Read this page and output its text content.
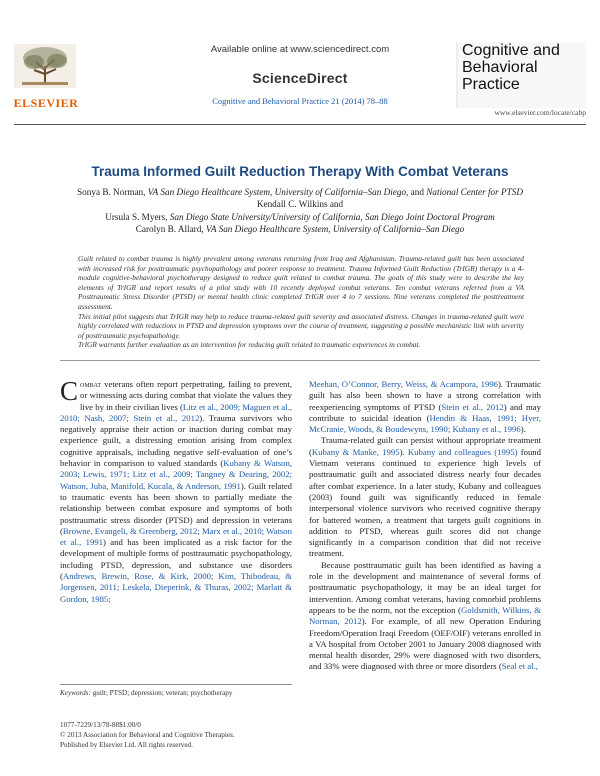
ELSEVIER
Available online at www.sciencedirect.com
ScienceDirect
Cognitive and Behavioral Practice 21 (2014) 78–88
Cognitive and
Behavioral
Practice
www.elsevier.com/locate/cabp
Trauma Informed Guilt Reduction Therapy With Combat Veterans
Sonya B. Norman, VA San Diego Healthcare System, University of California–San Diego, and National Center for PTSD
Kendall C. Wilkins and
Ursula S. Myers, San Diego State University/University of California, San Diego Joint Doctoral Program
Carolyn B. Allard, VA San Diego Healthcare System, University of California–San Diego

Guilt related to combat trauma is highly prevalent among veterans returning from Iraq and Afghanistan. Trauma-related guilt has been associated with increased risk for posttraumatic psychopathology and poorer response to treatment. Trauma Informed Guilt Reduction (TrIGR) therapy is a 4-module cognitive-behavioral psychotherapy designed to reduce guilt related to combat trauma. The goals of this study were to describe the key elements of TrIGR and report results of a pilot study with 10 recently deployed combat veterans. Ten combat veterans referred from a VA Posttraumatic Stress Disorder (PTSD) or mental health clinic completed TrIGR over 4 to 7 sessions. Nine veterans completed the posttreatment assessment.

This initial pilot suggests that TrIGR may help to reduce trauma-related guilt severity and associated distress. Changes in trauma-related guilt were highly correlated with reductions in PTSD and depression symptoms over the course of treatment, suggesting a possible mechanistic link with severity of posttraumatic psychopathology.

TrIGR warrants further evaluation as an intervention for reducing guilt related to traumatic experiences in combat.

Combat veterans often report perpetrating, failing to prevent, or witnessing acts during combat that violate the values they live by in their civilian lives (Litz et al., 2009; Maguen et al., 2010; Nash, 2007; Stein et al., 2012). Trauma survivors who negatively appraise their action or inaction during combat may experience guilt, a distressing emotion arising from complex cognitive appraisals, including negative self-evaluation of one’s behavior in comparison to valued standards (Kubany & Watson, 2003; Lewis, 1971; Litz et al., 2009; Tangney & Dearing, 2002; Watson, Juba, Manifold, Kucala, & Anderson, 1991). Guilt related to traumatic events has been shown to partially mediate the relationship between combat exposure and symptoms of both posttraumatic stress disorder (PTSD) and depression in veterans (Browne, Evangeli, & Greenberg, 2012; Marx et al., 2010; Watson et al., 1991) and has been implicated as a risk factor for the development of multiple forms of posttraumatic psychopathology, including PTSD, depression, and substance use disorders (Andrews, Brewin, Rose, & Kirk, 2000; Kim, Thibodeau, & Jorgensen, 2011; Leskela, Dieperink, & Thuras, 2002; Marlatt & Gordon, 1985;

Meehan, O’Connor, Berry, Weiss, & Acampora, 1996). Traumatic guilt has also been shown to have a strong correlation with reexperiencing symptoms of PTSD (Stein et al., 2012) and may contribute to suicidal ideation (Hendin & Haas, 1991; Hyer, McCranie, Woods, & Boudewyns, 1990; Kubany et al., 1996).

Trauma-related guilt can persist without appropriate treatment (Kubany & Manke, 1995). Kubany and colleagues (1995) found Vietnam veterans continued to experience high levels of posttraumatic guilt and associated distress nearly four decades after combat experience. In a later study, Kubany and colleagues (2003) found guilt was significantly reduced in female interpersonal violence survivors who received cognitive therapy for battered women, a treatment that targets guilt cognitions in addition to PTSD, whereas guilt scores did not change significantly in a comparison condition that did not receive treatment.

Because posttraumatic guilt has been identified as having a role in the development and maintenance of several forms of posttraumatic psychopathology, it may be an ideal target for intervention. Among combat veterans, having comorbid problems appears to be the norm, not the exception (Goldsmith, Wilkins, & Norman, 2012). For example, of all new Operation Enduring Freedom/Operation Iraqi Freedom (OEF/OIF) veterans enrolled in a VA hospital from October 2001 to January 2008 diagnosed with mental health disorder, 29% were diagnosed with two disorders, and 33% were diagnosed with three or more disorders (Seal et al.,

Keywords: guilt; PTSD; depression; veteran; psychotherapy
1077-7229/13/78-88$1.00/0
© 2013 Association for Behavioral and Cognitive Therapies.
Published by Elsevier Ltd. All rights reserved.
